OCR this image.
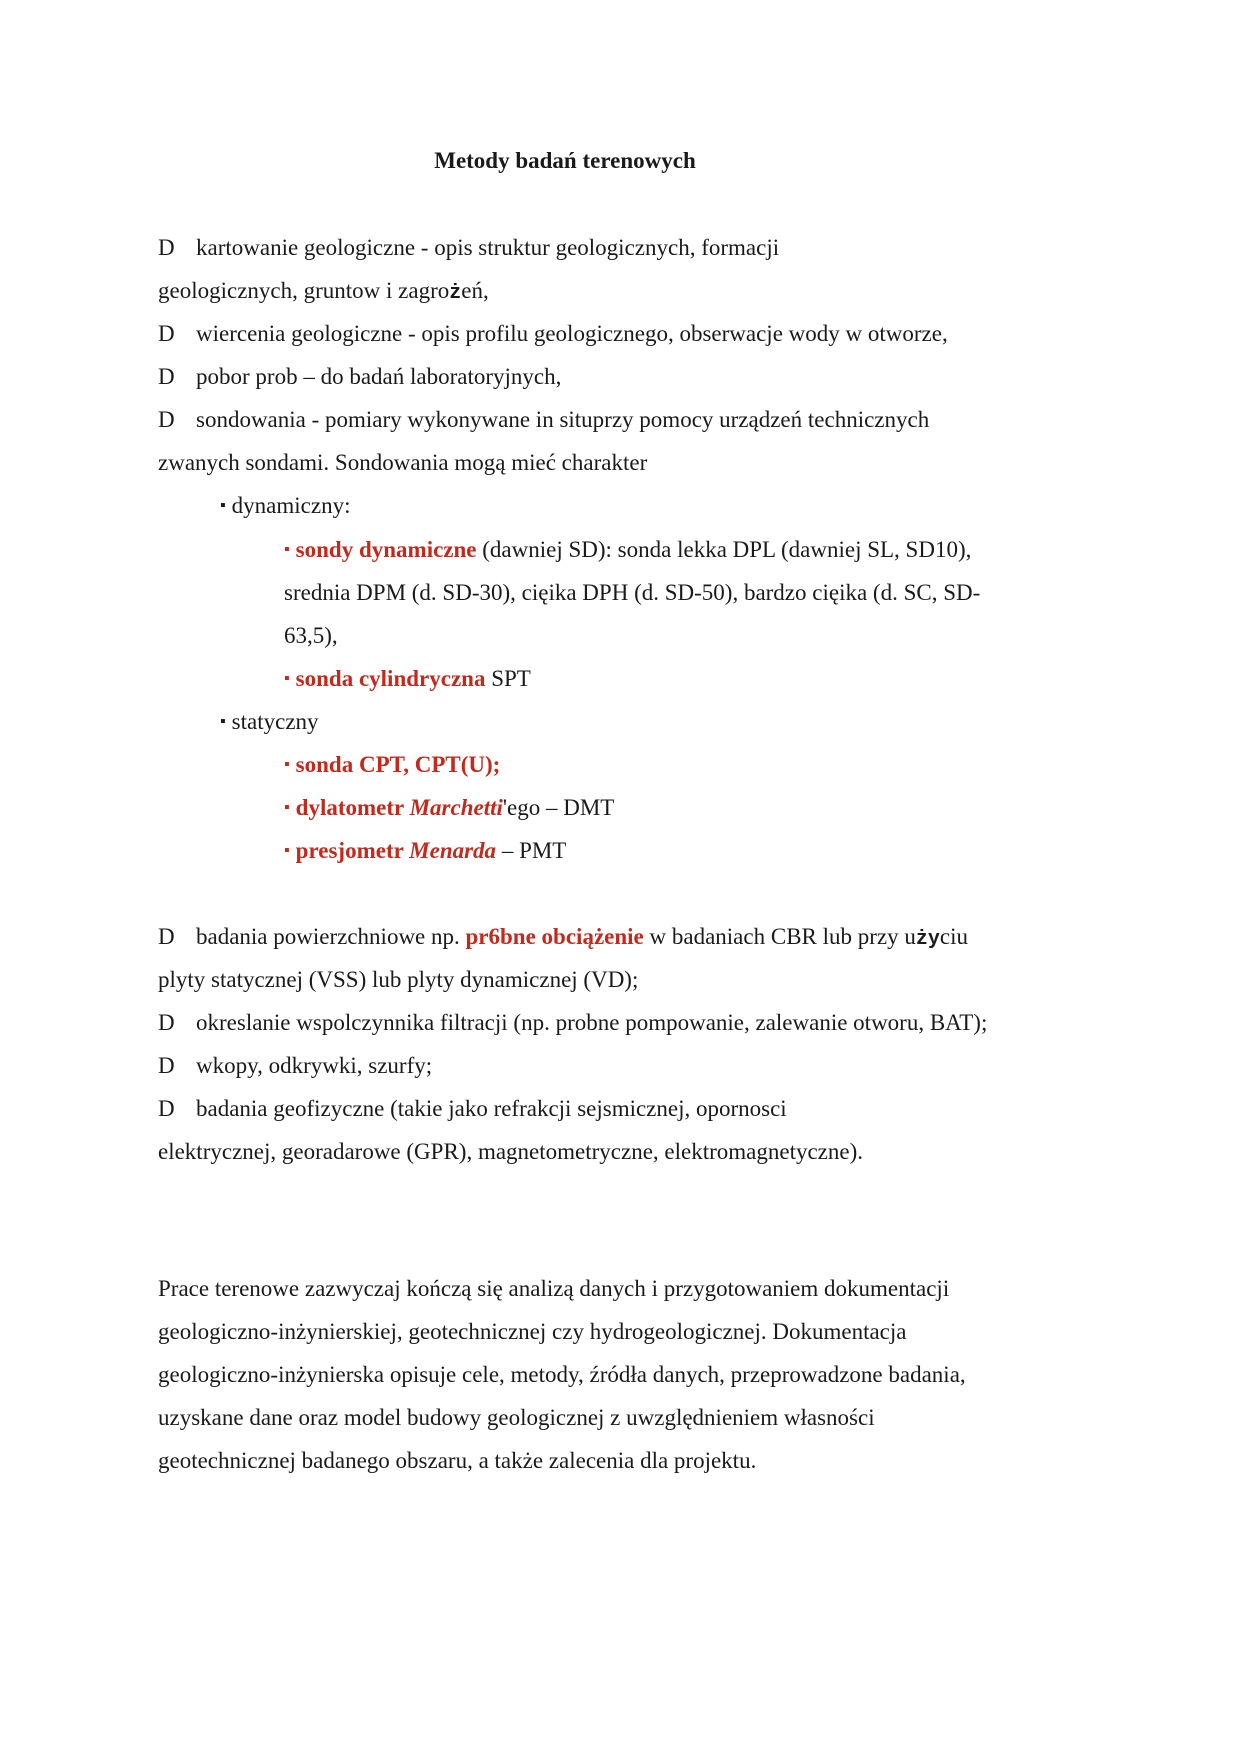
Metody badań terenowych
D kartowanie geologiczne - opis struktur geologicznych, formacji
geologicznych, gruntow i zagrożeń,
D wiercenia geologiczne - opis profilu geologicznego, obserwacje wody w otworze,
D pobor prob – do badań laboratoryjnych,
D sondowania - pomiary wykonywane in situprzy pomocy urządzeń technicznych
zwanych sondami. Sondowania mogą mieć charakter
▪ dynamiczny:
▪ sondy dynamiczne (dawniej SD): sonda lekka DPL (dawniej SL, SD10),
srednia DPM (d. SD-30), cięika DPH (d. SD-50), bardzo cięika (d. SC, SD-
63,5),
▪ sonda cylindryczna SPT
▪ statyczny
▪ sonda CPT, CPT(U);
▪ dylatometr Marchetti'ego – DMT
▪ presjometr Menarda – PMT
D badania powierzchniowe np. pr6bne obciążenie w badaniach CBR lub przy użyciu
plyty statycznej (VSS) lub plyty dynamicznej (VD);
D okreslanie wspolczynnika filtracji (np. probne pompowanie, zalewanie otworu, BAT);
D wkopy, odkrywki, szurfy;
D badania geofizyczne (takie jako refrakcji sejsmicznej, opornosci
elektrycznej, georadarowe (GPR), magnetometryczne, elektromagnetyczne).
Prace terenowe zazwyczaj kończą się analizą danych i przygotowaniem dokumentacji
geologiczno-inżynierskiej, geotechnicznej czy hydrogeologicznej. Dokumentacja
geologiczno-inżynierska opisuje cele, metody, źródła danych, przeprowadzone badania,
uzyskane dane oraz model budowy geologicznej z uwzględnieniem własności
geotechnicznej badanego obszaru, a także zalecenia dla projektu.
